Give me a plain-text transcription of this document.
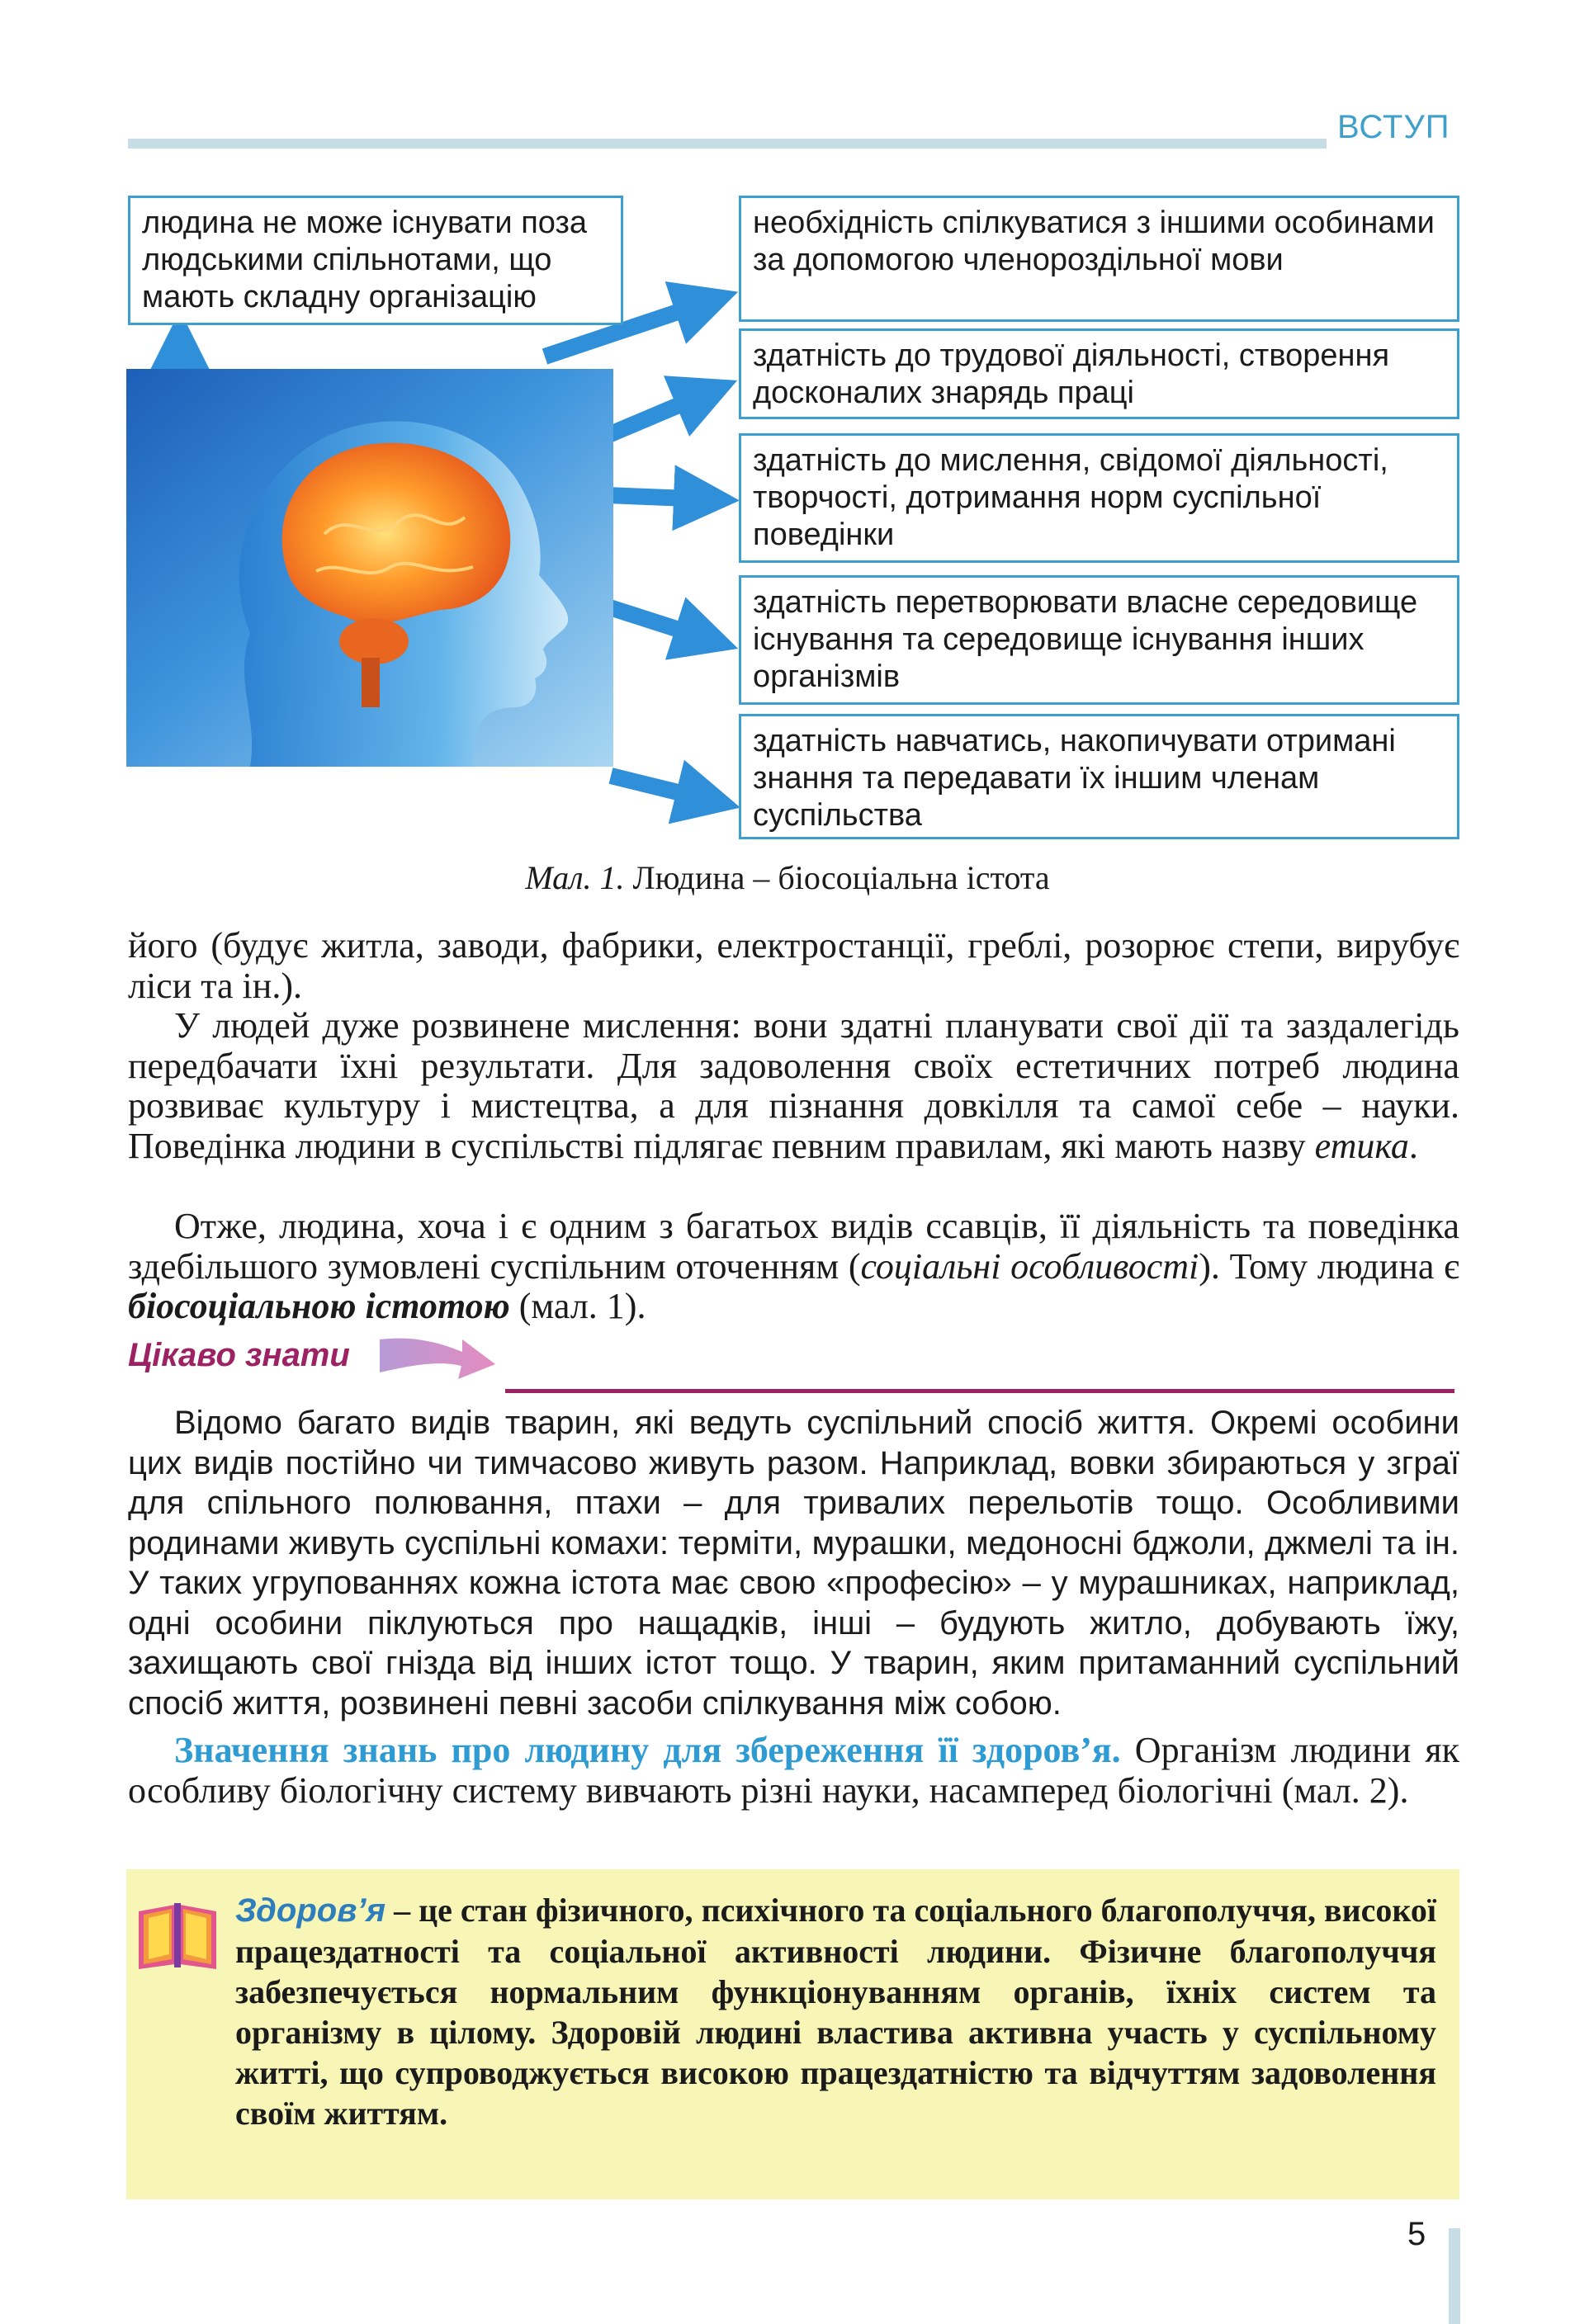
ВСТУП
людина не може існувати поза людськими спільнотами, що мають складну організацію
необхідність спілкуватися з іншими особинами за допомогою членороздільної мови
здатність до трудової діяльності, створення досконалих знарядь праці
здатність до мислення, свідомої діяльності, творчості, дотримання норм суспільної поведінки
здатність перетворювати власне середовище існування та середовище існування інших організмів
здатність навчатись, накопичувати отримані знання та передавати їх іншим членам суспільства
Мал. 1. Людина – біосоціальна істота
його (будує житла, заводи, фабрики, електростанції, греблі, розорює степи, вирубує ліси та ін.).
У людей дуже розвинене мислення: вони здатні планувати свої дії та заздалегідь передбачати їхні результати. Для задоволення своїх естетичних потреб людина розвиває культуру і мистецтва, а для пізнання довкілля та самої себе – науки. Поведінка людини в суспільстві підлягає певним правилам, які мають назву етика.
Отже, людина, хоча і є одним з багатьох видів ссавців, її діяльність та поведінка здебільшого зумовлені суспільним оточенням (соціальні особливості). Тому людина є біосоціальною істотою (мал. 1).
Цікаво знати
Відомо багато видів тварин, які ведуть суспільний спосіб життя. Окремі особини цих видів постійно чи тимчасово живуть разом. Наприклад, вовки збираються у зграї для спільного полювання, птахи – для тривалих перельотів тощо. Особливими родинами живуть суспільні комахи: терміти, мурашки, медоносні бджоли, джмелі та ін. У таких угрупованнях кожна істота має свою «професію» – у мурашниках, наприклад, одні особини піклуються про нащадків, інші – будують житло, добувають їжу, захищають свої гнізда від інших істот тощо. У тварин, яким притаманний суспільний спосіб життя, розвинені певні засоби спілкування між собою.
Значення знань про людину для збереження її здоров’я. Організм людини як особливу біологічну систему вивчають різні науки, насамперед біологічні (мал. 2).
Здоров’я – це стан фізичного, психічного та соціального благополуччя, високої працездатності та соціальної активності людини. Фізичне благополуччя забезпечується нормальним функціонуванням органів, їхніх систем та організму в цілому. Здоровій людині властива активна участь у суспільному житті, що супроводжується високою працездатністю та відчуттям задоволення своїм життям.
5
